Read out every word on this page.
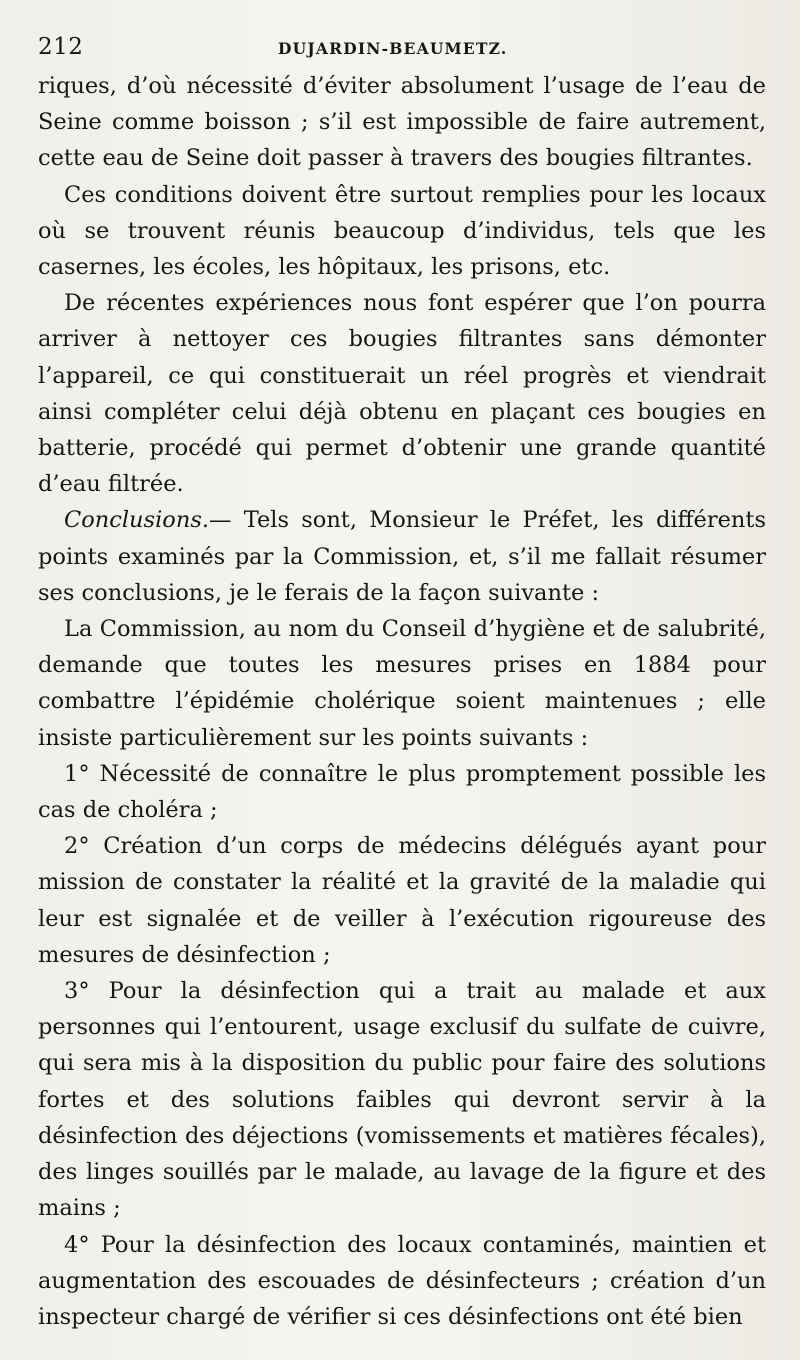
212	DUJARDIN-BEAUMETZ.

riques, d’où nécessité d’éviter absolument l’usage de l’eau de Seine comme boisson ; s’il est impossible de faire autrement, cette eau de Seine doit passer à travers des bougies filtrantes.

Ces conditions doivent être surtout remplies pour les locaux où se trouvent réunis beaucoup d’individus, tels que les casernes, les écoles, les hôpitaux, les prisons, etc.

De récentes expériences nous font espérer que l’on pourra arriver à nettoyer ces bougies filtrantes sans démonter l’appareil, ce qui constituerait un réel progrès et viendrait ainsi compléter celui déjà obtenu en plaçant ces bougies en batterie, procédé qui permet d’obtenir une grande quantité d’eau filtrée.

Conclusions.— Tels sont, Monsieur le Préfet, les différents points examinés par la Commission, et, s’il me fallait résumer ses conclusions, je le ferais de la façon suivante :

La Commission, au nom du Conseil d’hygiène et de salubrité, demande que toutes les mesures prises en 1884 pour combattre l’épidémie cholérique soient maintenues ; elle insiste particulièrement sur les points suivants :

1° Nécessité de connaître le plus promptement possible les cas de choléra ;

2° Création d’un corps de médecins délégués ayant pour mission de constater la réalité et la gravité de la maladie qui leur est signalée et de veiller à l’exécution rigoureuse des mesures de désinfection ;

3° Pour la désinfection qui a trait au malade et aux personnes qui l’entourent, usage exclusif du sulfate de cuivre, qui sera mis à la disposition du public pour faire des solutions fortes et des solutions faibles qui devront servir à la désinfection des déjections (vomissements et matières fécales), des linges souillés par le malade, au lavage de la figure et des mains ;

4° Pour la désinfection des locaux contaminés, maintien et augmentation des escouades de désinfecteurs ; création d’un inspecteur chargé de vérifier si ces désinfections ont été bien
